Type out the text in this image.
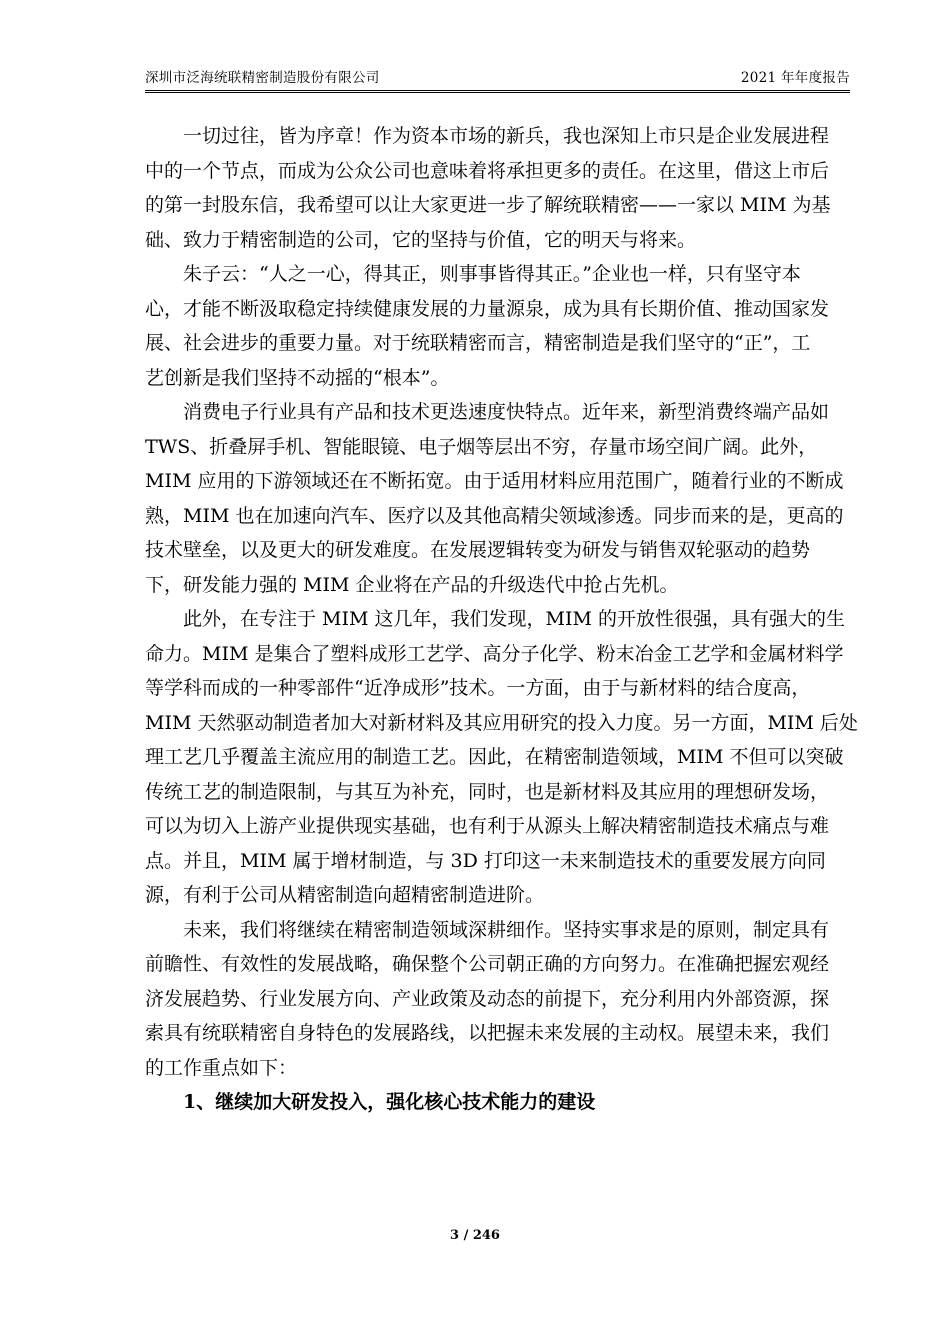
深圳市泛海统联精密制造股份有限公司	2021 年年度报告
一切过往，皆为序章！作为资本市场的新兵，我也深知上市只是企业发展进程
中的一个节点，而成为公众公司也意味着将承担更多的责任。在这里，借这上市后
的第一封股东信，我希望可以让大家更进一步了解统联精密——一家以 MIM 为基
础、致力于精密制造的公司，它的坚持与价值，它的明天与将来。
朱子云：“人之一心，得其正，则事事皆得其正。”企业也一样，只有坚守本
心，才能不断汲取稳定持续健康发展的力量源泉，成为具有长期价值、推动国家发
展、社会进步的重要力量。对于统联精密而言，精密制造是我们坚守的“正”，工
艺创新是我们坚持不动摇的“根本”。
消费电子行业具有产品和技术更迭速度快特点。近年来，新型消费终端产品如
TWS、折叠屏手机、智能眼镜、电子烟等层出不穷，存量市场空间广阔。此外，
MIM 应用的下游领域还在不断拓宽。由于适用材料应用范围广，随着行业的不断成
熟，MIM 也在加速向汽车、医疗以及其他高精尖领域渗透。同步而来的是，更高的
技术壁垒，以及更大的研发难度。在发展逻辑转变为研发与销售双轮驱动的趋势
下，研发能力强的 MIM 企业将在产品的升级迭代中抢占先机。
此外，在专注于 MIM 这几年，我们发现，MIM 的开放性很强，具有强大的生
命力。MIM 是集合了塑料成形工艺学、高分子化学、粉末冶金工艺学和金属材料学
等学科而成的一种零部件“近净成形”技术。一方面，由于与新材料的结合度高，
MIM 天然驱动制造者加大对新材料及其应用研究的投入力度。另一方面，MIM 后处
理工艺几乎覆盖主流应用的制造工艺。因此，在精密制造领域，MIM 不但可以突破
传统工艺的制造限制，与其互为补充，同时，也是新材料及其应用的理想研发场，
可以为切入上游产业提供现实基础，也有利于从源头上解决精密制造技术痛点与难
点。并且，MIM 属于增材制造，与 3D 打印这一未来制造技术的重要发展方向同
源，有利于公司从精密制造向超精密制造进阶。
未来，我们将继续在精密制造领域深耕细作。坚持实事求是的原则，制定具有
前瞻性、有效性的发展战略，确保整个公司朝正确的方向努力。在准确把握宏观经
济发展趋势、行业发展方向、产业政策及动态的前提下，充分利用内外部资源，探
索具有统联精密自身特色的发展路线，以把握未来发展的主动权。展望未来，我们
的工作重点如下：
1、继续加大研发投入，强化核心技术能力的建设
3 / 246
